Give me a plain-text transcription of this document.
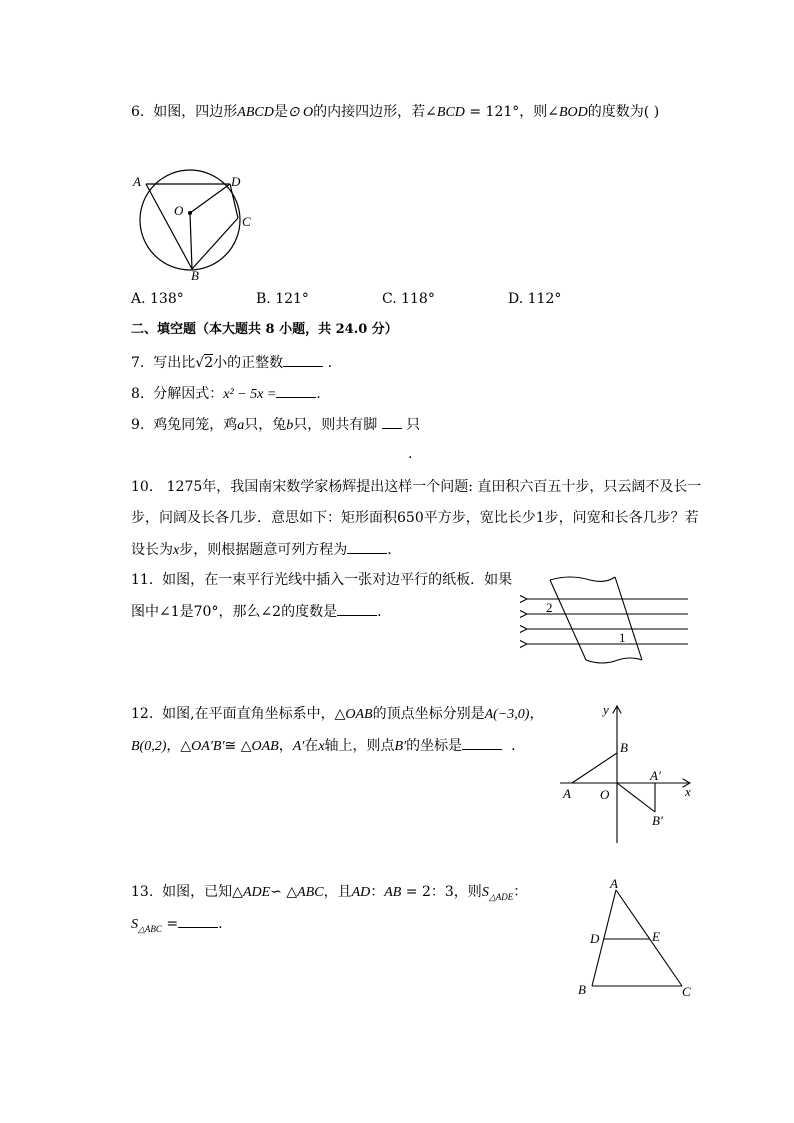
6. 如图，四边形ABCD是⊙ O的内接四边形，若∠BCD = 121°，则∠BOD的度数为( )
A	D
C
B
O
A. 138°	B. 121°	C. 118°	D. 112°
二、填空题（本大题共 8 小题，共 24.0 分）
7. 写出比√2小的正整数	.
8. 分解因式：x² − 5x =	.
9. 鸡兔同笼，鸡a只，兔b只，则共有脚 只
.
10. 1275年，我国南宋数学家杨辉提出这样一个问题: 直田积六百五十步，只云阔不及长一
步，问阔及长各几步．意思如下：矩形面积650平方步，宽比长少1步，问宽和长各几步？若
设长为x步，则根据题意可列方程为	.
11. 如图，在一束平行光线中插入一张对边平行的纸板．如果
图中∠1是70°，那么∠2的度数是	.	2
1
12. 如图,在平面直角坐标系中，△OAB的顶点坐标分别是A(−3,0)，
B(0,2)，△OA′B′≅ △OAB，A′在x轴上，则点B′的坐标是	.
y
x
B
A O
A′
B′
13. 如图，已知△ADE∽ △ABC，且AD：AB = 2：3，则$S_{\triangle ADE}$：
$S_{\triangle ABC}$ =	.
A
D	E
B	C
